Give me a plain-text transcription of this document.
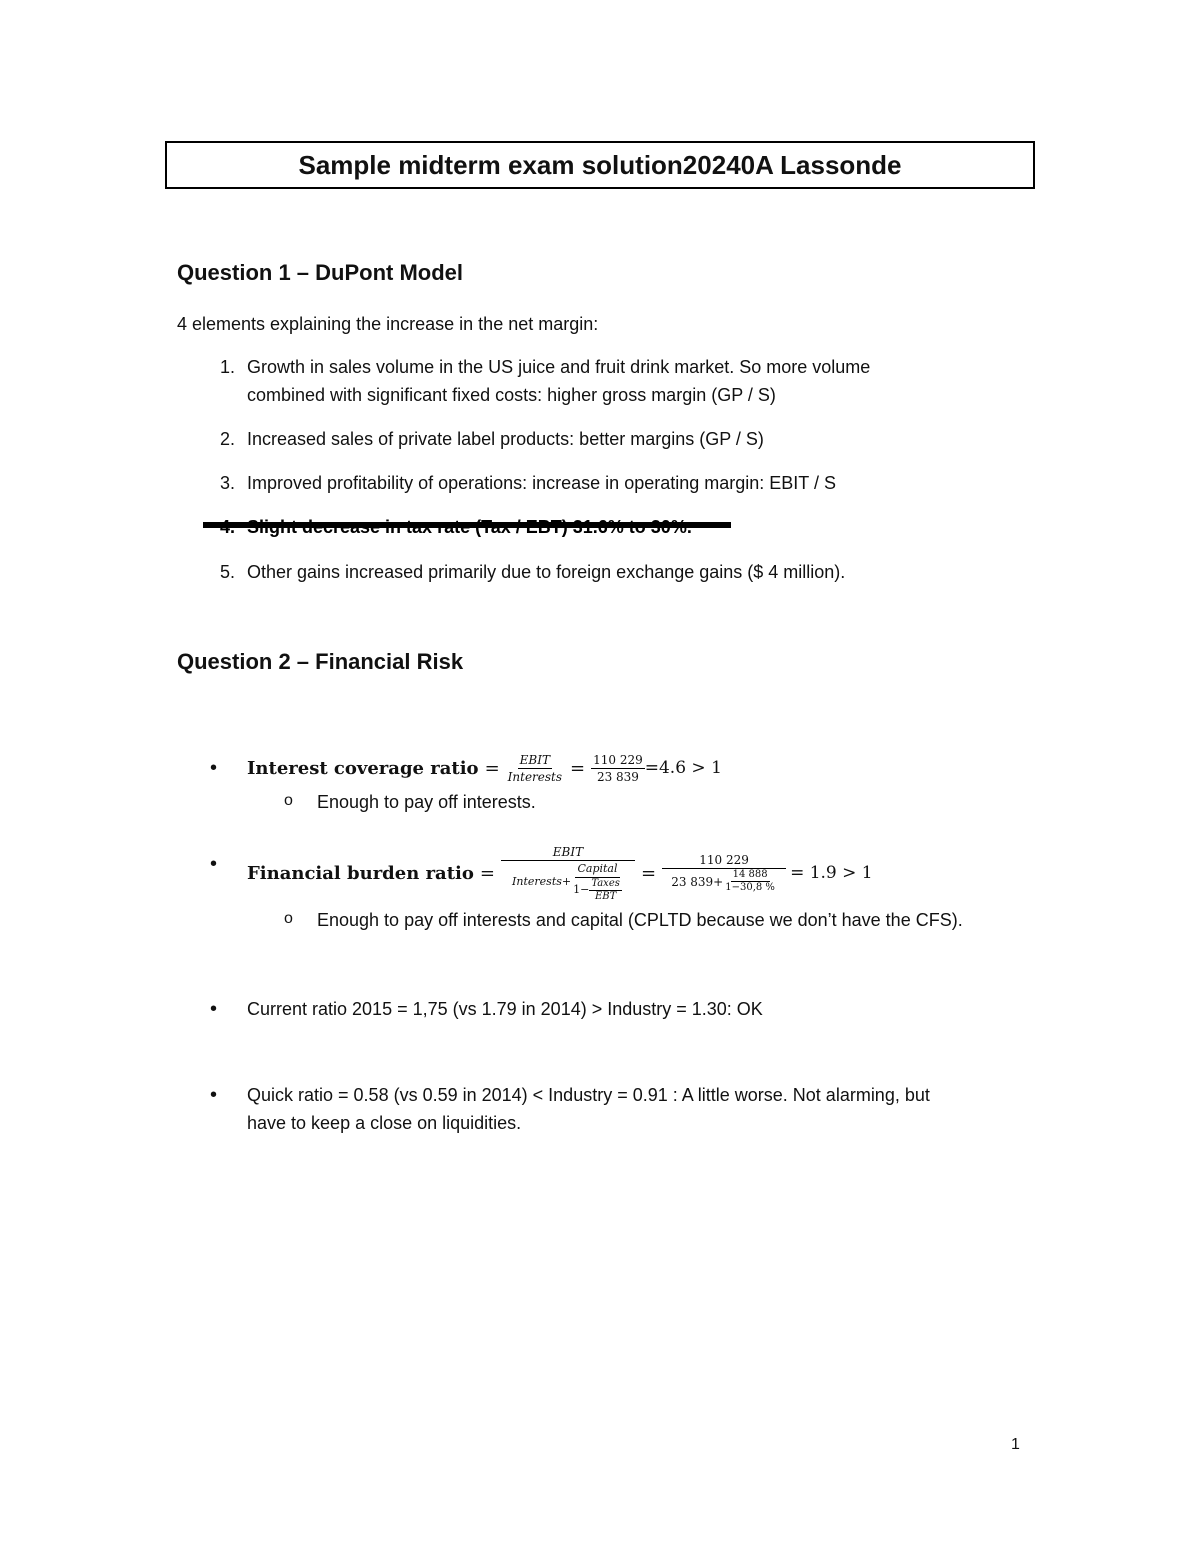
Sample midterm exam solution20240A Lassonde
Question 1 – DuPont Model
4 elements explaining the increase in the net margin:
1. Growth in sales volume in the US juice and fruit drink market. So more volume
combined with significant fixed costs: higher gross margin (GP / S)
2. Increased sales of private label products: better margins (GP / S)
3. Improved profitability of operations: increase in operating margin: EBIT / S
5. Other gains increased primarily due to foreign exchange gains ($ 4 million).
Question 2 – Financial Risk
• Interest coverage ratio = $\frac{\text{EBIT}}{\text{Interests}} = \frac{110 229}{23 839} =4.6 > 1$
o Enough to pay off interests.
• Financial burden ratio =
EBIT
Interests+ $\frac{\text{Capital}}{1- \frac{\text{Taxes}}{\text{EBT}}} = \frac{110 229}{23 839+ \frac{14 888}{1-30,8 \%}} = 1.9 > 1$
o Enough to pay off interests and capital (CPLTD because we don’t have the CFS).
• Current ratio 2015 = 1,75 (vs 1.79 in 2014) > Industry = 1.30: OK
• Quick ratio = 0.58 (vs 0.59 in 2014) < Industry = 0.91 : A little worse. Not alarming, but
have to keep a close on liquidities.
1
